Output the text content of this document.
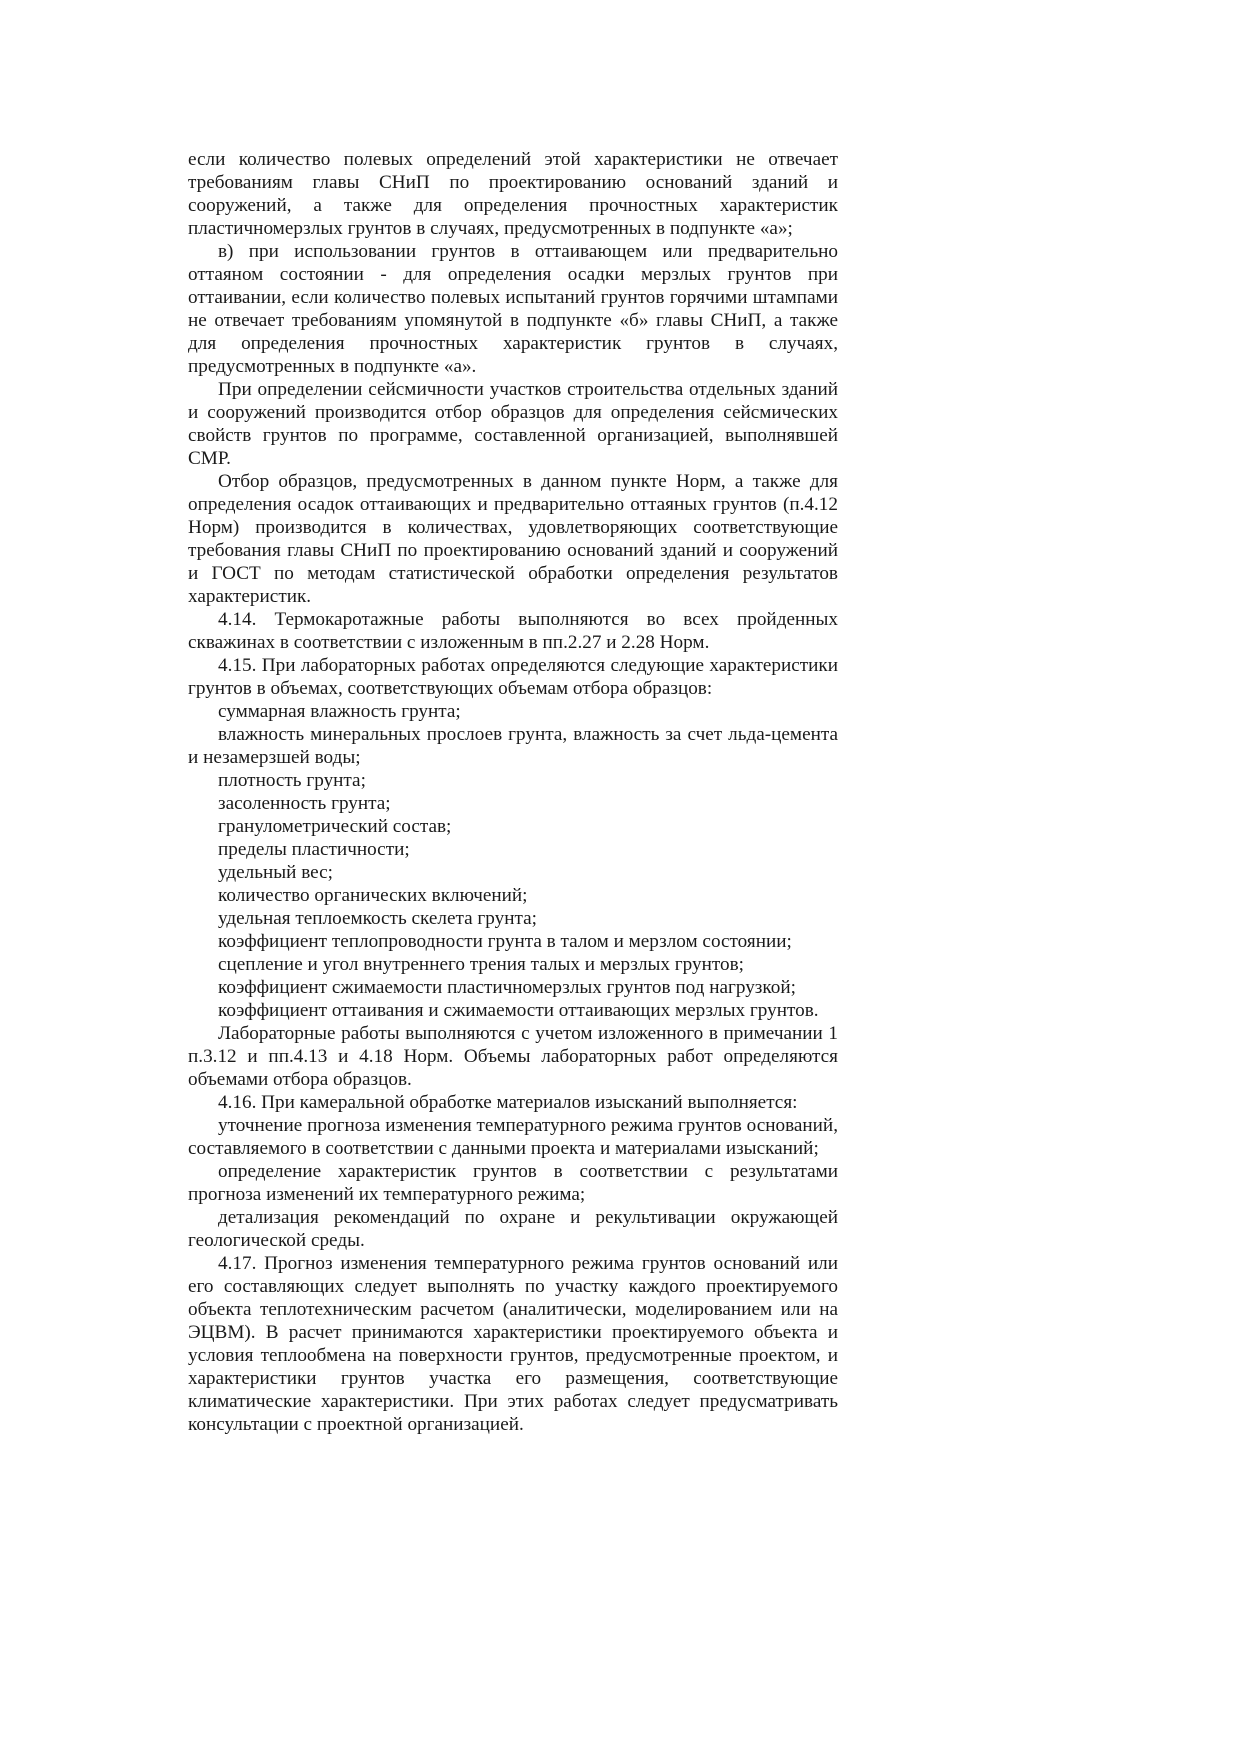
если количество полевых определений этой характеристики не отвечает требованиям главы СНиП по проектированию оснований зданий и сооружений, а также для определения прочностных характеристик пластичномерзлых грунтов в случаях, предусмотренных в подпункте «а»;

в) при использовании грунтов в оттаивающем или предварительно оттаяном состоянии - для определения осадки мерзлых грунтов при оттаивании, если количество полевых испытаний грунтов горячими штампами не отвечает требованиям упомянутой в подпункте «б» главы СНиП, а также для определения прочностных характеристик грунтов в случаях, предусмотренных в подпункте «а».

При определении сейсмичности участков строительства отдельных зданий и сооружений производится отбор образцов для определения сейсмических свойств грунтов по программе, составленной организацией, выполнявшей СМР.

Отбор образцов, предусмотренных в данном пункте Норм, а также для определения осадок оттаивающих и предварительно оттаяных грунтов (п.4.12 Норм) производится в количествах, удовлетворяющих соответствующие требования главы СНиП по проектированию оснований зданий и сооружений и ГОСТ по методам статистической обработки определения результатов характеристик.

4.14. Термокаротажные работы выполняются во всех пройденных скважинах в соответствии с изложенным в пп.2.27 и 2.28 Норм.

4.15. При лабораторных работах определяются следующие характеристики грунтов в объемах, соответствующих объемам отбора образцов:

суммарная влажность грунта;

влажность минеральных прослоев грунта, влажность за счет льда-цемента и незамерзшей воды;

плотность грунта;

засоленность грунта;

гранулометрический состав;

пределы пластичности;

удельный вес;

количество органических включений;

удельная теплоемкость скелета грунта;

коэффициент теплопроводности грунта в талом и мерзлом состоянии;

сцепление и угол внутреннего трения талых и мерзлых грунтов;

коэффициент сжимаемости пластичномерзлых грунтов под нагрузкой;

коэффициент оттаивания и сжимаемости оттаивающих мерзлых грунтов.

Лабораторные работы выполняются с учетом изложенного в примечании 1 п.3.12 и пп.4.13 и 4.18 Норм. Объемы лабораторных работ определяются объемами отбора образцов.

4.16. При камеральной обработке материалов изысканий выполняется:

уточнение прогноза изменения температурного режима грунтов оснований, составляемого в соответствии с данными проекта и материалами изысканий;

определение характеристик грунтов в соответствии с результатами прогноза изменений их температурного режима;

детализация рекомендаций по охране и рекультивации окружающей геологической среды.

4.17. Прогноз изменения температурного режима грунтов оснований или его составляющих следует выполнять по участку каждого проектируемого объекта теплотехническим расчетом (аналитически, моделированием или на ЭЦВМ). В расчет принимаются характеристики проектируемого объекта и условия теплообмена на поверхности грунтов, предусмотренные проектом, и характеристики грунтов участка его размещения, соответствующие климатические характеристики. При этих работах следует предусматривать консультации с проектной организацией.
